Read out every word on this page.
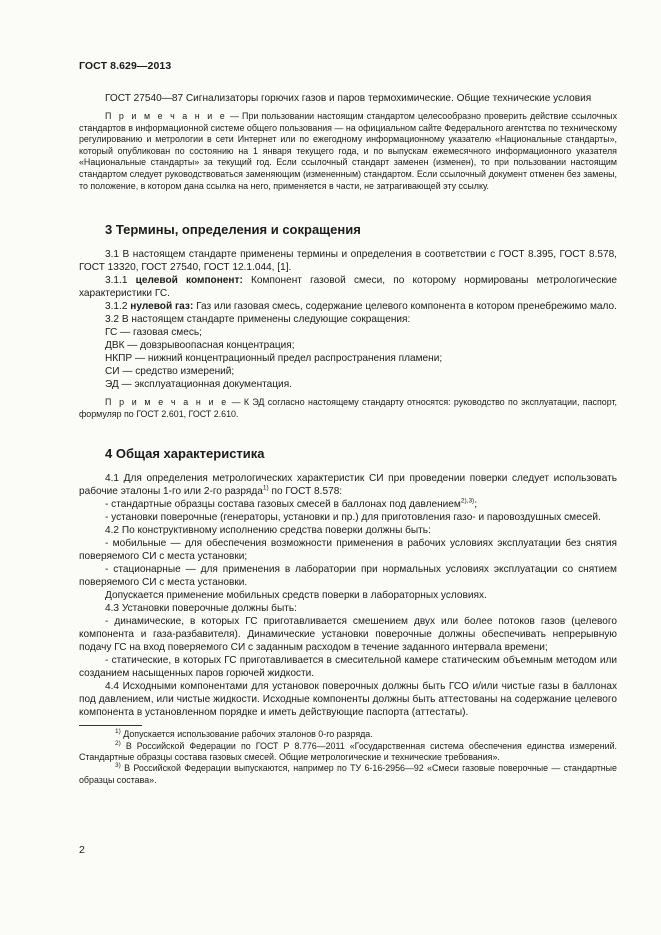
ГОСТ 8.629—2013

ГОСТ 27540—87 Сигнализаторы горючих газов и паров термохимические. Общие технические условия

П р и м е ч а н и е — При пользовании настоящим стандартом целесообразно проверить действие ссылочных стандартов в информационной системе общего пользования — на официальном сайте Федерального агентства по техническому регулированию и метрологии в сети Интернет или по ежегодному информационному указателю «Национальные стандарты», который опубликован по состоянию на 1 января текущего года, и по выпускам ежемесячного информационного указателя «Национальные стандарты» за текущий год. Если ссылочный стандарт заменен (изменен), то при пользовании настоящим стандартом следует руководствоваться заменяющим (измененным) стандартом. Если ссылочный документ отменен без замены, то положение, в котором дана ссылка на него, применяется в части, не затрагивающей эту ссылку.

3 Термины, определения и сокращения

3.1 В настоящем стандарте применены термины и определения в соответствии с ГОСТ 8.395, ГОСТ 8.578, ГОСТ 13320, ГОСТ 27540, ГОСТ 12.1.044, [1].

3.1.1 целевой компонент: Компонент газовой смеси, по которому нормированы метрологические характеристики ГС.

3.1.2 нулевой газ: Газ или газовая смесь, содержание целевого компонента в котором пренебрежимо мало.

3.2 В настоящем стандарте применены следующие сокращения:

ГС — газовая смесь;

ДВК — довзрывоопасная концентрация;

НКПР — нижний концентрационный предел распространения пламени;

СИ — средство измерений;

ЭД — эксплуатационная документация.

П р и м е ч а н и е — К ЭД согласно настоящему стандарту относятся: руководство по эксплуатации, паспорт, формуляр по ГОСТ 2.601, ГОСТ 2.610.

4 Общая характеристика

4.1 Для определения метрологических характеристик СИ при проведении поверки следует использовать рабочие эталоны 1-го или 2-го разряда$^{1)}$ по ГОСТ 8.578:

- стандартные образцы состава газовых смесей в баллонах под давлением$^{2),3)}$;

- установки поверочные (генераторы, установки и пр.) для приготовления газо- и паровоздушных смесей.

4.2 По конструктивному исполнению средства поверки должны быть:

- мобильные — для обеспечения возможности применения в рабочих условиях эксплуатации без снятия поверяемого СИ с места установки;

- стационарные — для применения в лаборатории при нормальных условиях эксплуатации со снятием поверяемого СИ с места установки.

Допускается применение мобильных средств поверки в лабораторных условиях.

4.3 Установки поверочные должны быть:

- динамические, в которых ГС приготавливается смешением двух или более потоков газов (целевого компонента и газа-разбавителя). Динамические установки поверочные должны обеспечивать непрерывную подачу ГС на вход поверяемого СИ с заданным расходом в течение заданного интервала времени;

- статические, в которых ГС приготавливается в смесительной камере статическим объемным методом или созданием насыщенных паров горючей жидкости.

4.4 Исходными компонентами для установок поверочных должны быть ГСО и/или чистые газы в баллонах под давлением, или чистые жидкости. Исходные компоненты должны быть аттестованы на содержание целевого компонента в установленном порядке и иметь действующие паспорта (аттестаты).

$^{1)}$ Допускается использование рабочих эталонов 0-го разряда.

$^{2)}$ В Российской Федерации по ГОСТ Р 8.776—2011 «Государственная система обеспечения единства измерений. Стандартные образцы состава газовых смесей. Общие метрологические и технические требования».

$^{3)}$ В Российской Федерации выпускаются, например по ТУ 6-16-2956—92 «Смеси газовые поверочные — стандартные образцы состава».

2
